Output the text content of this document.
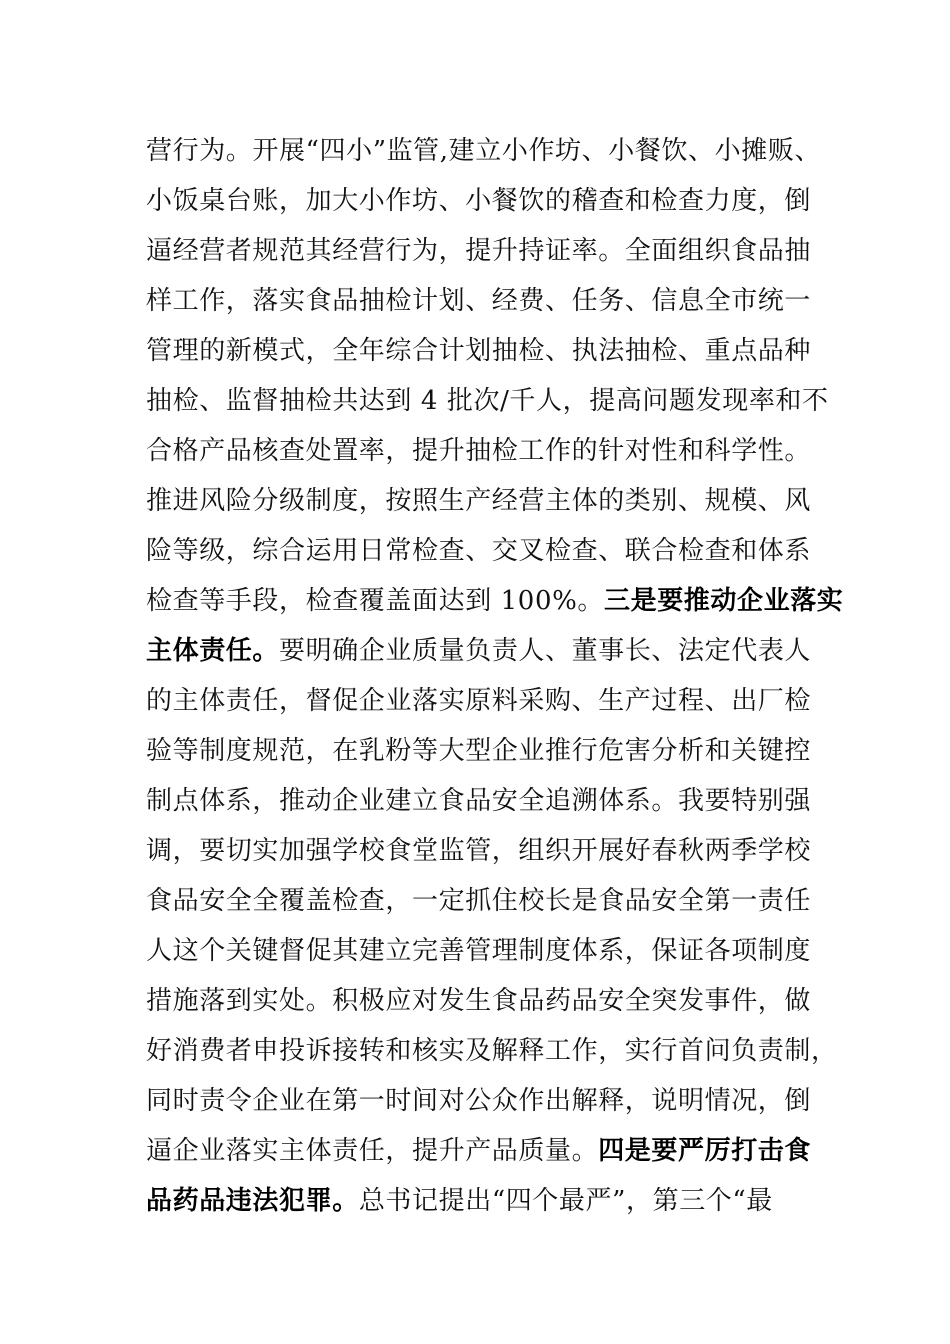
营行为。开展“四小”监管,建立小作坊、小餐饮、小摊贩、
小饭桌台账，加大小作坊、小餐饮的稽查和检查力度，倒
逼经营者规范其经营行为，提升持证率。全面组织食品抽
样工作，落实食品抽检计划、经费、任务、信息全市统一
管理的新模式，全年综合计划抽检、执法抽检、重点品种
抽检、监督抽检共达到 4 批次/千人，提高问题发现率和不
合格产品核查处置率，提升抽检工作的针对性和科学性。
推进风险分级制度，按照生产经营主体的类别、规模、风
险等级，综合运用日常检查、交叉检查、联合检查和体系
检查等手段，检查覆盖面达到 100%。三是要推动企业落实
主体责任。要明确企业质量负责人、董事长、法定代表人
的主体责任，督促企业落实原料采购、生产过程、出厂检
验等制度规范，在乳粉等大型企业推行危害分析和关键控
制点体系，推动企业建立食品安全追溯体系。我要特别强
调，要切实加强学校食堂监管，组织开展好春秋两季学校
食品安全全覆盖检查，一定抓住校长是食品安全第一责任
人这个关键督促其建立完善管理制度体系，保证各项制度
措施落到实处。积极应对发生食品药品安全突发事件，做
好消费者申投诉接转和核实及解释工作，实行首问负责制，
同时责令企业在第一时间对公众作出解释，说明情况，倒
逼企业落实主体责任，提升产品质量。四是要严厉打击食
品药品违法犯罪。总书记提出“四个最严”，第三个“最
